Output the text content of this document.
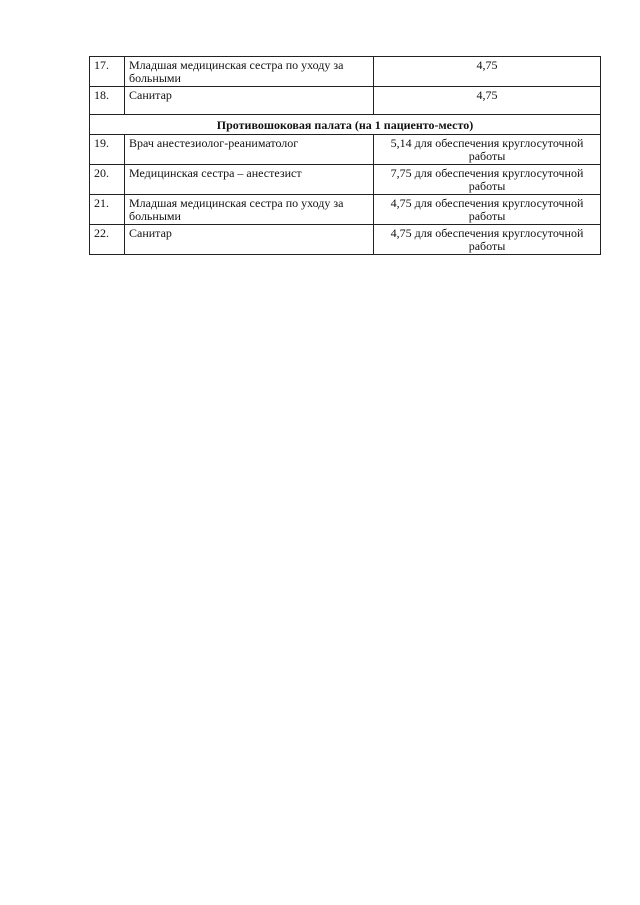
17.	Младшая медицинская сестра по уходу за больными	4,75
18.	Санитар	4,75
Противошоковая палата (на 1 пациенто-место)		
19.	Врач анестезиолог-реаниматолог	5,14 для обеспечения круглосуточной работы
20.	Медицинская сестра – анестезист	7,75 для обеспечения круглосуточной работы
21.	Младшая медицинская сестра по уходу за больными	4,75 для обеспечения круглосуточной работы
22.	Санитар	4,75 для обеспечения круглосуточной работы
